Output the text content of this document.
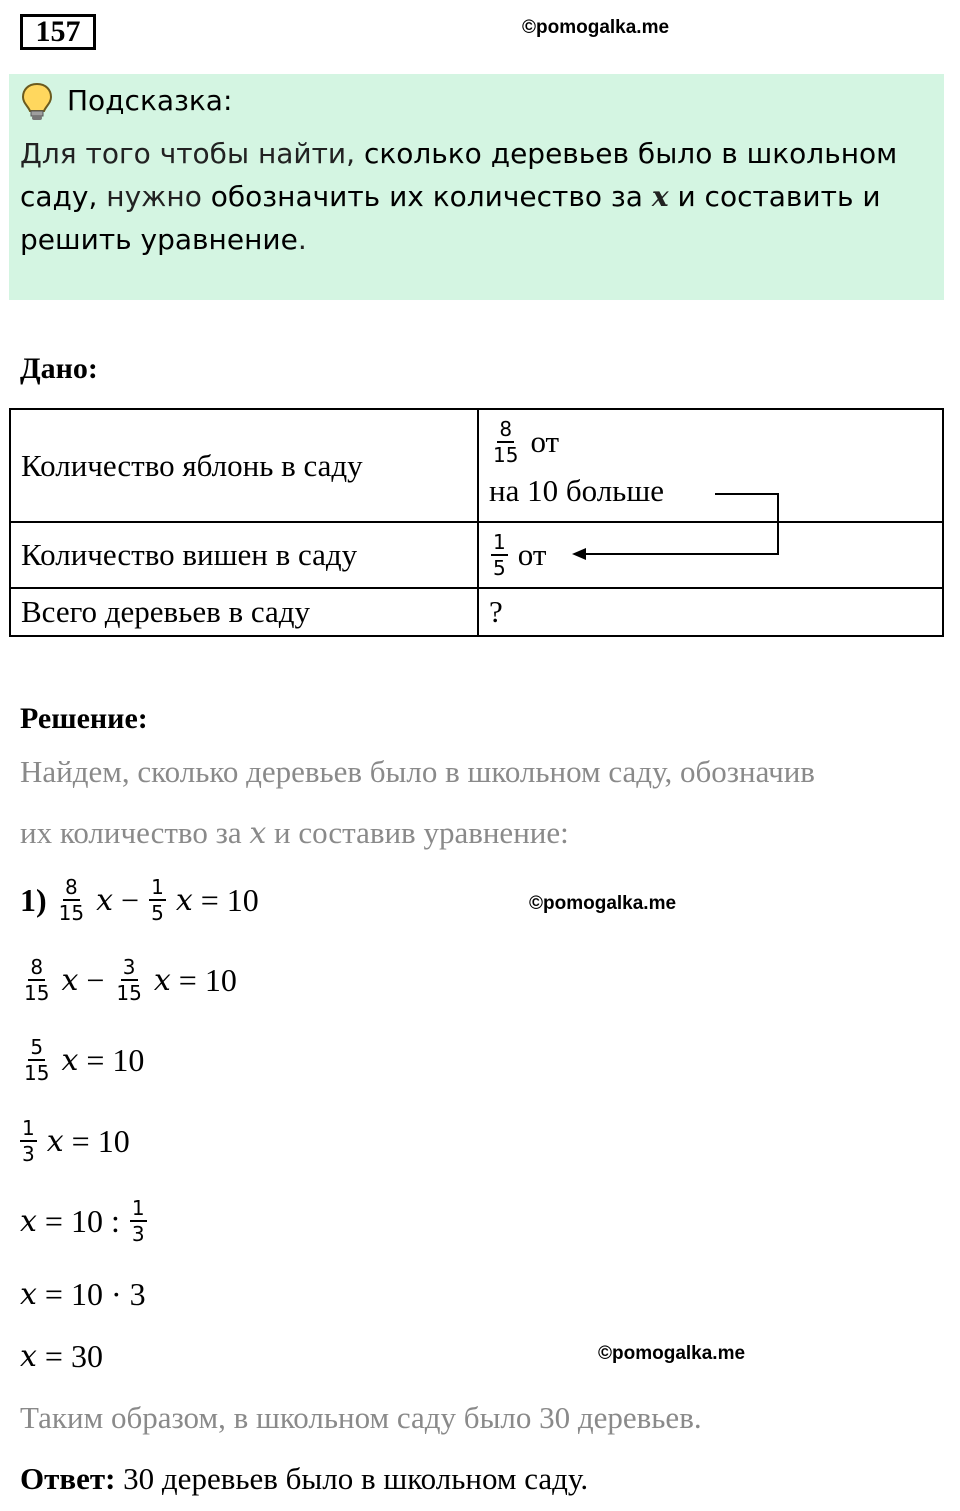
157	©pomogalka.me
Подсказка:
Для того чтобы найти, сколько деревьев было в школьном саду, нужно обозначить их количество за x и составить и решить уравнение.
Дано:
Количество яблонь в саду	$\frac{8}{15}$ от
на 10 больше

Количество вишен в саду	$\frac{1}{5}$ от

Всего деревьев в саду	?
Решение:
Найдем, сколько деревьев было в школьном саду, обозначив
их количество за x и составив уравнение:
$1) \frac{8}{15}$ $x - \frac{1}{5}$ x = 10	©pomogalka.me
$\frac{8}{15}$ $x - \frac{3}{15}$ x = 10
$\frac{5}{15}$ x = 10
$\frac{1}{3}$ x = 10
x = 10 : $\frac{1}{3}$
x = 10 · 3
x = 30	©pomogalka.me
Таким образом, в школьном саду было 30 деревьев.
Ответ: 30 деревьев было в школьном саду.
